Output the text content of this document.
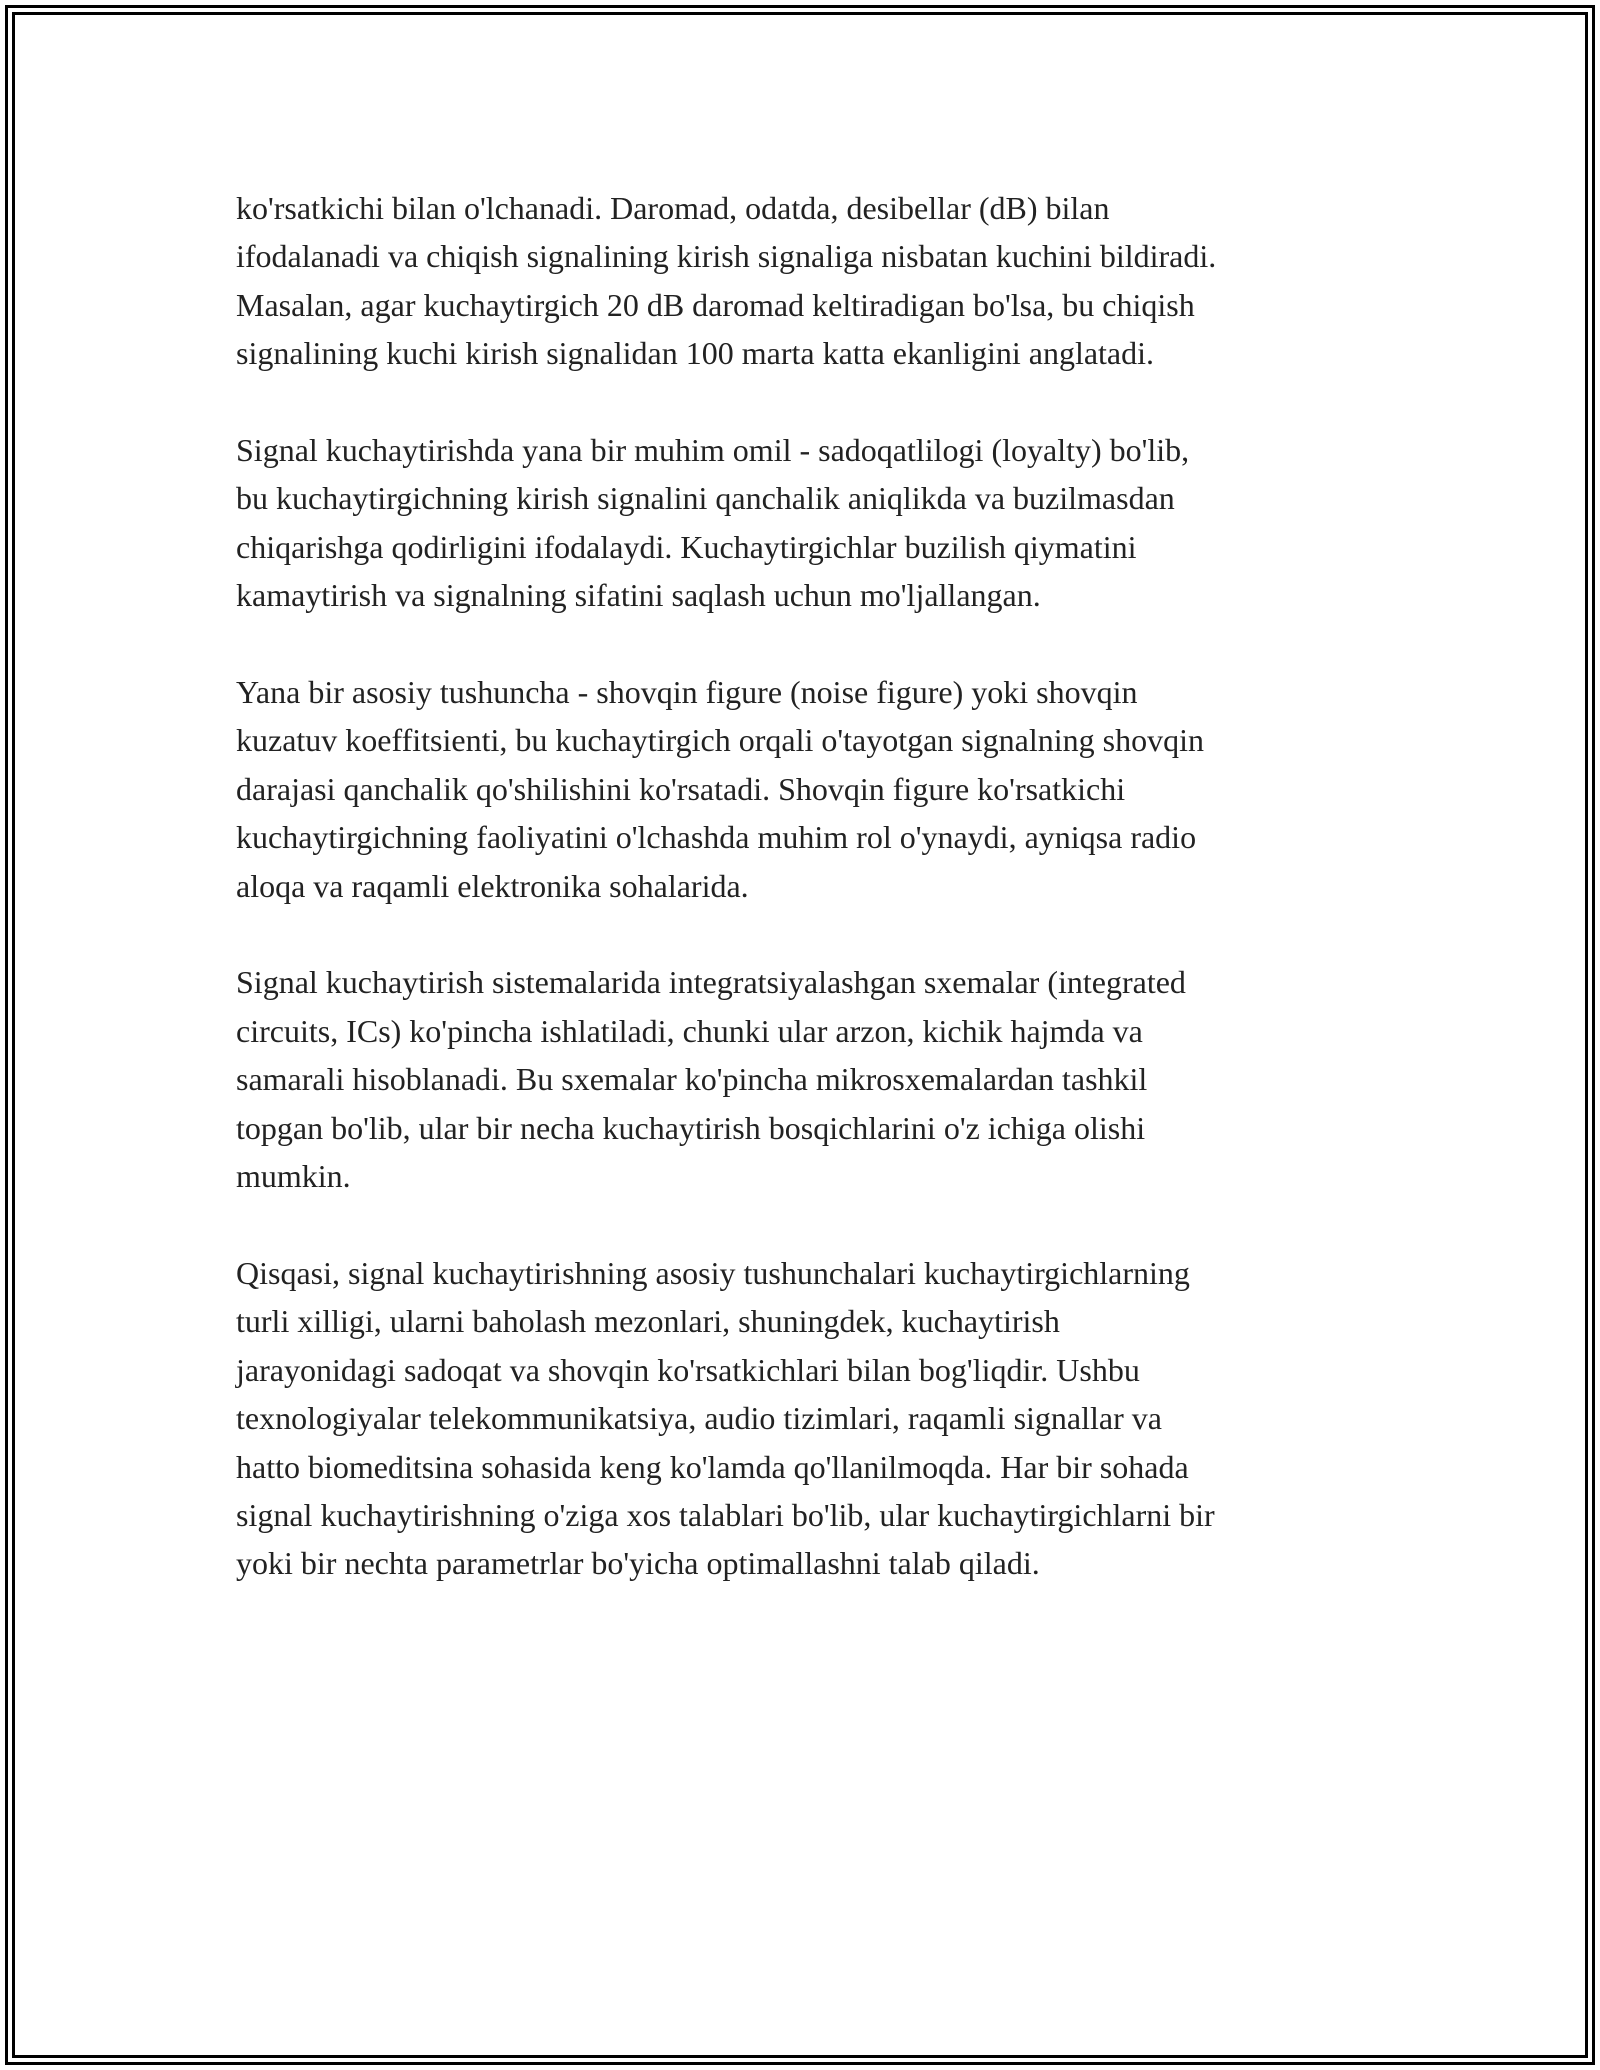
ko'rsatkichi bilan o'lchanadi. Daromad, odatda, desibellar (dB) bilan
ifodalanadi va chiqish signalining kirish signaliga nisbatan kuchini bildiradi.
Masalan, agar kuchaytirgich 20 dB daromad keltiradigan bo'lsa, bu chiqish
signalining kuchi kirish signalidan 100 marta katta ekanligini anglatadi.

Signal kuchaytirishda yana bir muhim omil - sadoqatlilogi (loyalty) bo'lib,
bu kuchaytirgichning kirish signalini qanchalik aniqlikda va buzilmasdan
chiqarishga qodirligini ifodalaydi. Kuchaytirgichlar buzilish qiymatini
kamaytirish va signalning sifatini saqlash uchun mo'ljallangan.

Yana bir asosiy tushuncha - shovqin figure (noise figure) yoki shovqin
kuzatuv koeffitsienti, bu kuchaytirgich orqali o'tayotgan signalning shovqin
darajasi qanchalik qo'shilishini ko'rsatadi. Shovqin figure ko'rsatkichi
kuchaytirgichning faoliyatini o'lchashda muhim rol o'ynaydi, ayniqsa radio
aloqa va raqamli elektronika sohalarida.

Signal kuchaytirish sistemalarida integratsiyalashgan sxemalar (integrated
circuits, ICs) ko'pincha ishlatiladi, chunki ular arzon, kichik hajmda va
samarali hisoblanadi. Bu sxemalar ko'pincha mikrosxemalardan tashkil
topgan bo'lib, ular bir necha kuchaytirish bosqichlarini o'z ichiga olishi
mumkin.

Qisqasi, signal kuchaytirishning asosiy tushunchalari kuchaytirgichlarning
turli xilligi, ularni baholash mezonlari, shuningdek, kuchaytirish
jarayonidagi sadoqat va shovqin ko'rsatkichlari bilan bog'liqdir. Ushbu
texnologiyalar telekommunikatsiya, audio tizimlari, raqamli signallar va
hatto biomeditsina sohasida keng ko'lamda qo'llanilmoqda. Har bir sohada
signal kuchaytirishning o'ziga xos talablari bo'lib, ular kuchaytirgichlarni bir
yoki bir nechta parametrlar bo'yicha optimallashni talab qiladi.
